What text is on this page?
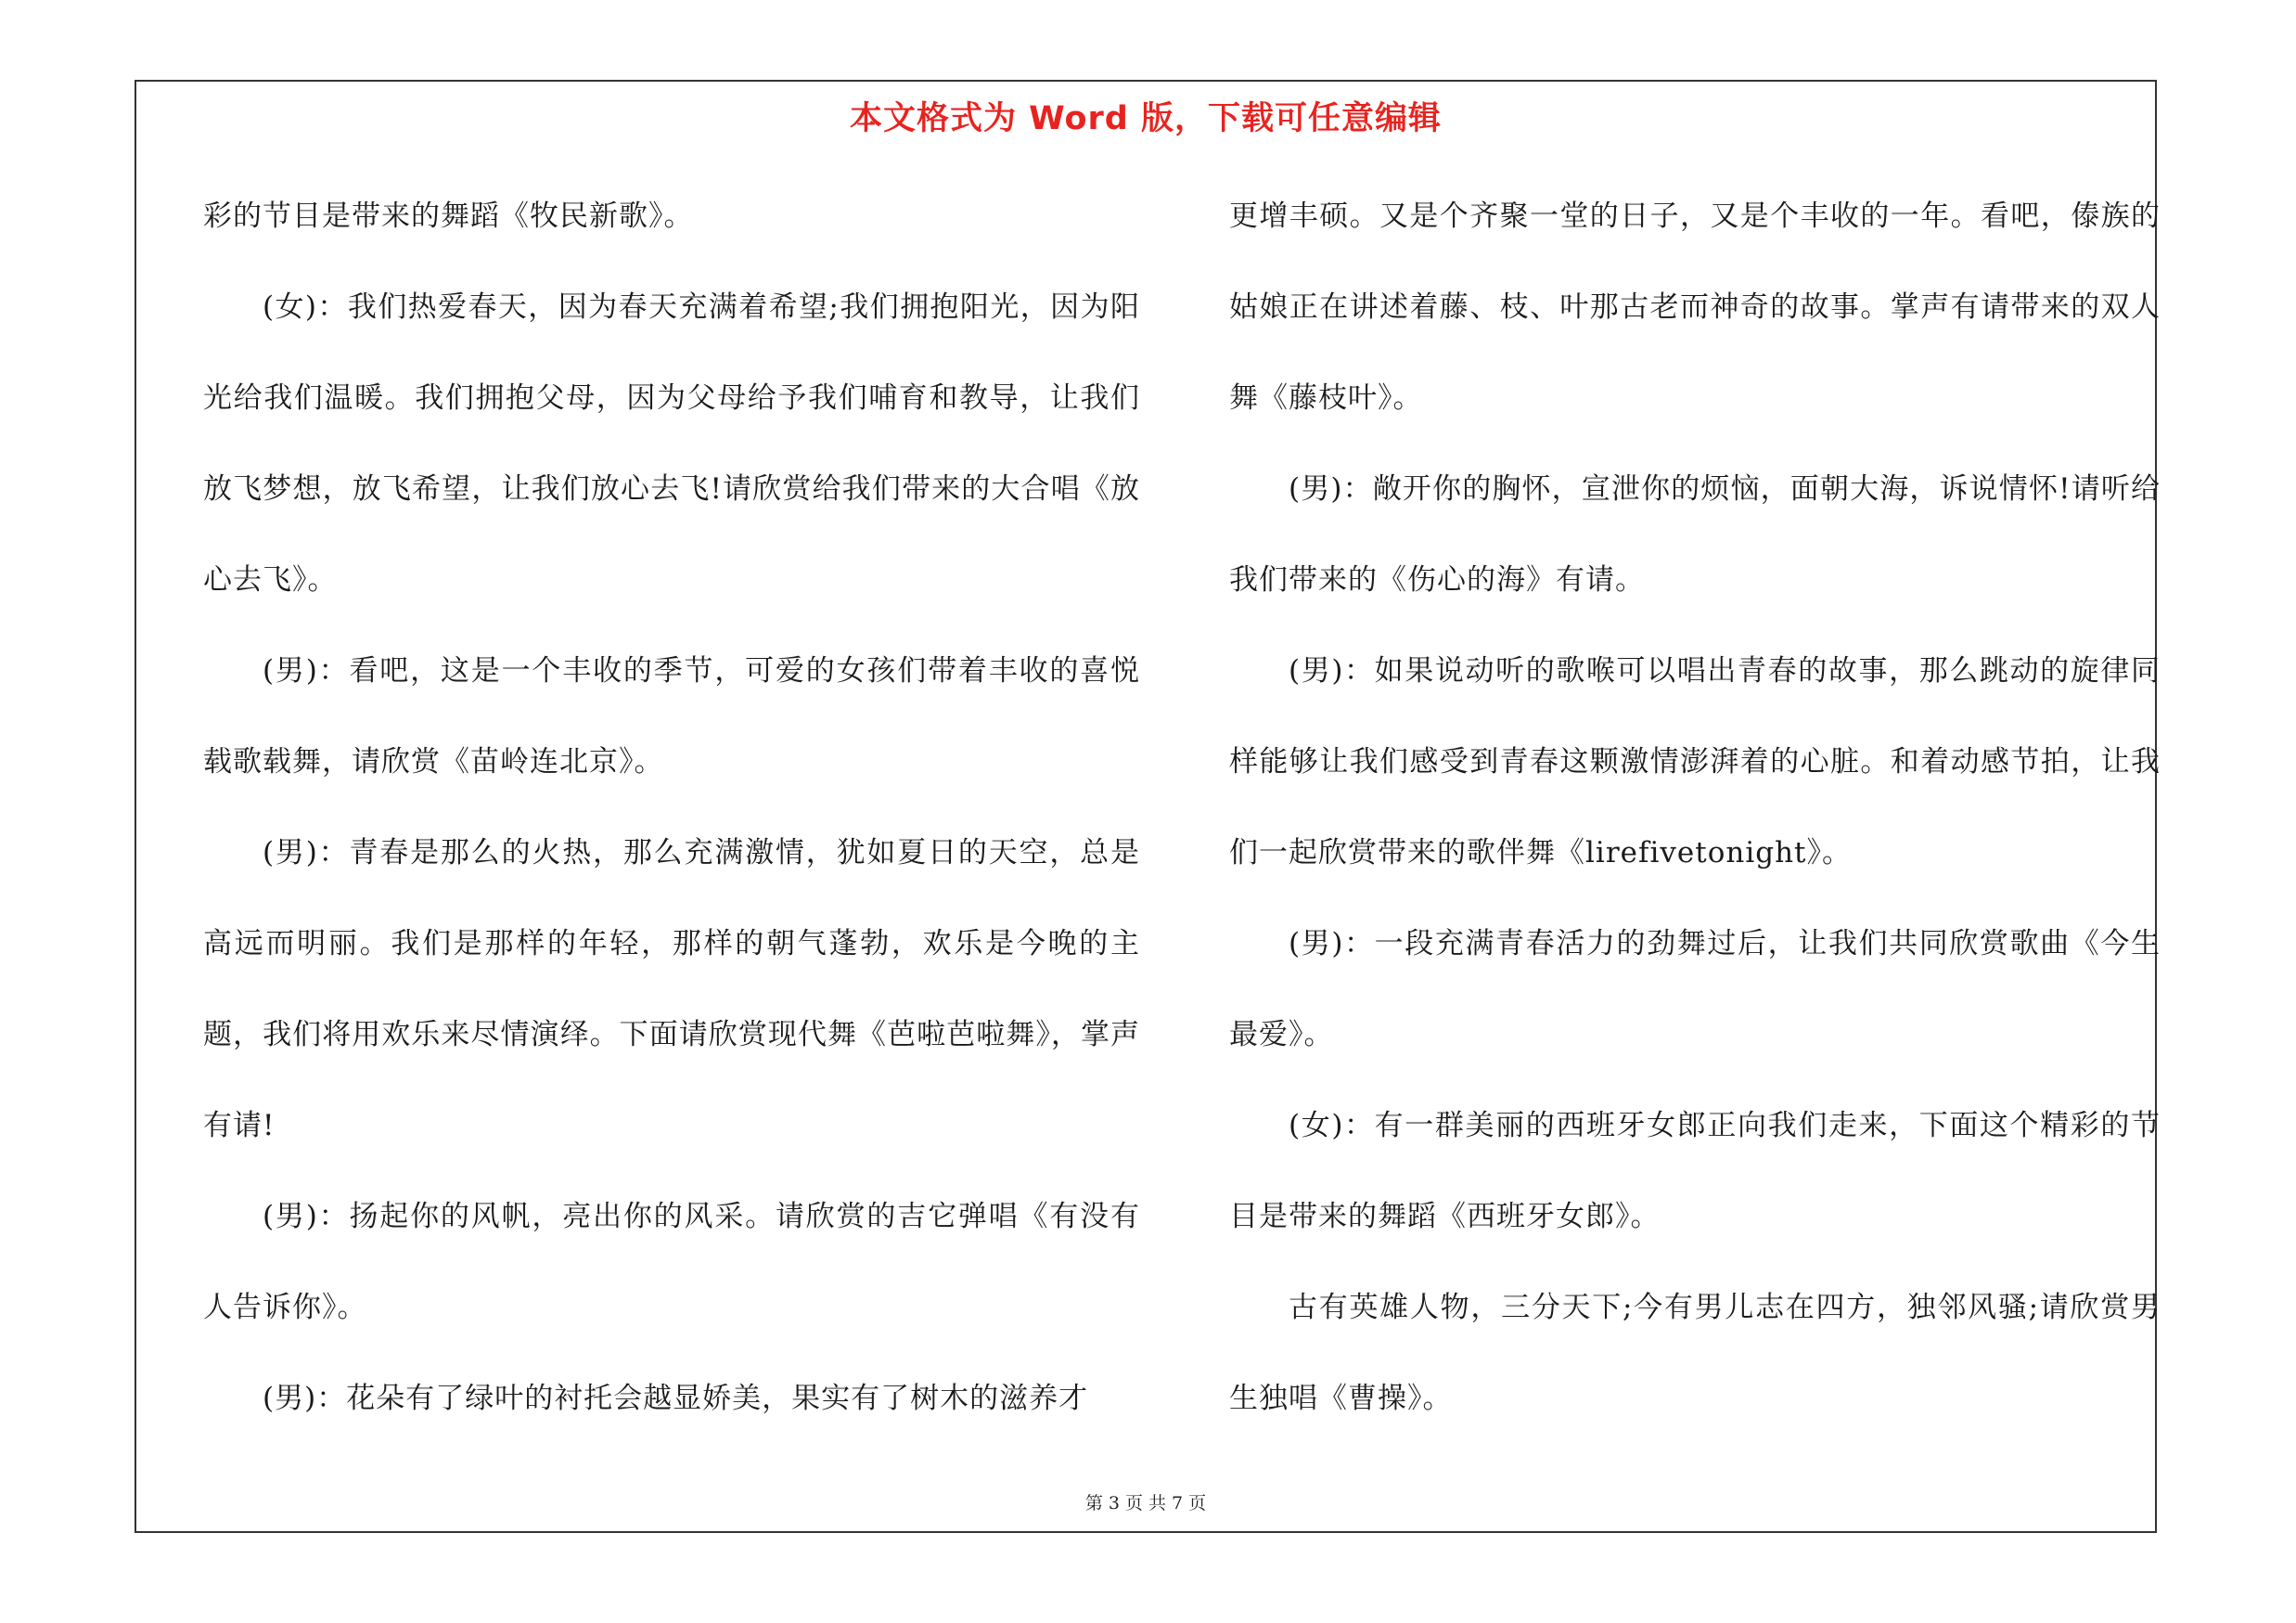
本文格式为 Word 版，下载可任意编辑

彩的节目是带来的舞蹈《牧民新歌》。

(女)：我们热爱春天，因为春天充满着希望;我们拥抱阳光，因为阳光给我们温暖。我们拥抱父母，因为父母给予我们哺育和教导，让我们放飞梦想，放飞希望，让我们放心去飞!请欣赏给我们带来的大合唱《放心去飞》。

(男)：看吧，这是一个丰收的季节，可爱的女孩们带着丰收的喜悦载歌载舞，请欣赏《苗岭连北京》。

(男)：青春是那么的火热，那么充满激情，犹如夏日的天空，总是高远而明丽。我们是那样的年轻，那样的朝气蓬勃，欢乐是今晚的主题，我们将用欢乐来尽情演绎。下面请欣赏现代舞《芭啦芭啦舞》，掌声有请!

(男)：扬起你的风帆，亮出你的风采。请欣赏的吉它弹唱《有没有人告诉你》。

(男)：花朵有了绿叶的衬托会越显娇美，果实有了树木的滋养才

更增丰硕。又是个齐聚一堂的日子，又是个丰收的一年。看吧，傣族的姑娘正在讲述着藤、枝、叶那古老而神奇的故事。掌声有请带来的双人舞《藤枝叶》。

(男)：敞开你的胸怀，宣泄你的烦恼，面朝大海，诉说情怀!请听给我们带来的《伤心的海》有请。

(男)：如果说动听的歌喉可以唱出青春的故事，那么跳动的旋律同样能够让我们感受到青春这颗激情澎湃着的心脏。和着动感节拍，让我们一起欣赏带来的歌伴舞《lirefivetonight》。

(男)：一段充满青春活力的劲舞过后，让我们共同欣赏歌曲《今生最爱》。

(女)：有一群美丽的西班牙女郎正向我们走来，下面这个精彩的节目是带来的舞蹈《西班牙女郎》。

古有英雄人物，三分天下;今有男儿志在四方，独邻风骚;请欣赏男生独唱《曹操》。

第 3 页 共 7 页
